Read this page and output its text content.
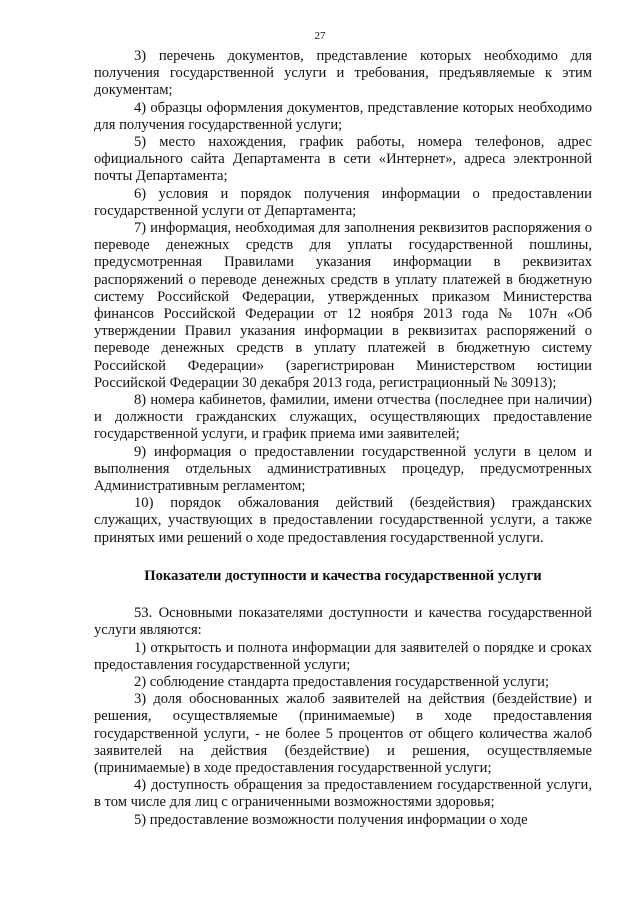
27

3) перечень документов, представление которых необходимо для получения государственной услуги и требования, предъявляемые к этим документам;

4) образцы оформления документов, представление которых необходимо для получения государственной услуги;

5) место нахождения, график работы, номера телефонов, адрес официального сайта Департамента в сети «Интернет», адреса электронной почты Департамента;

6) условия и порядок получения информации о предоставлении государственной услуги от Департамента;

7) информация, необходимая для заполнения реквизитов распоряжения о переводе денежных средств для уплаты государственной пошлины, предусмотренная Правилами указания информации в реквизитах распоряжений о переводе денежных средств в уплату платежей в бюджетную систему Российской Федерации, утвержденных приказом Министерства финансов Российской Федерации от 12 ноября 2013 года № 107н «Об утверждении Правил указания информации в реквизитах распоряжений о переводе денежных средств в уплату платежей в бюджетную систему Российской Федерации» (зарегистрирован Министерством юстиции Российской Федерации 30 декабря 2013 года, регистрационный № 30913);

8) номера кабинетов, фамилии, имени отчества (последнее при наличии) и должности гражданских служащих, осуществляющих предоставление государственной услуги, и график приема ими заявителей;

9) информация о предоставлении государственной услуги в целом и выполнения отдельных административных процедур, предусмотренных Административным регламентом;

10) порядок обжалования действий (бездействия) гражданских служащих, участвующих в предоставлении государственной услуги, а также принятых ими решений о ходе предоставления государственной услуги.

Показатели доступности и качества государственной услуги

53. Основными показателями доступности и качества государственной услуги являются:

1) открытость и полнота информации для заявителей о порядке и сроках предоставления государственной услуги;

2) соблюдение стандарта предоставления государственной услуги;

3) доля обоснованных жалоб заявителей на действия (бездействие) и решения, осуществляемые (принимаемые) в ходе предоставления государственной услуги, - не более 5 процентов от общего количества жалоб заявителей на действия (бездействие) и решения, осуществляемые (принимаемые) в ходе предоставления государственной услуги;

4) доступность обращения за предоставлением государственной услуги, в том числе для лиц с ограниченными возможностями здоровья;

5) предоставление возможности получения информации о ходе
